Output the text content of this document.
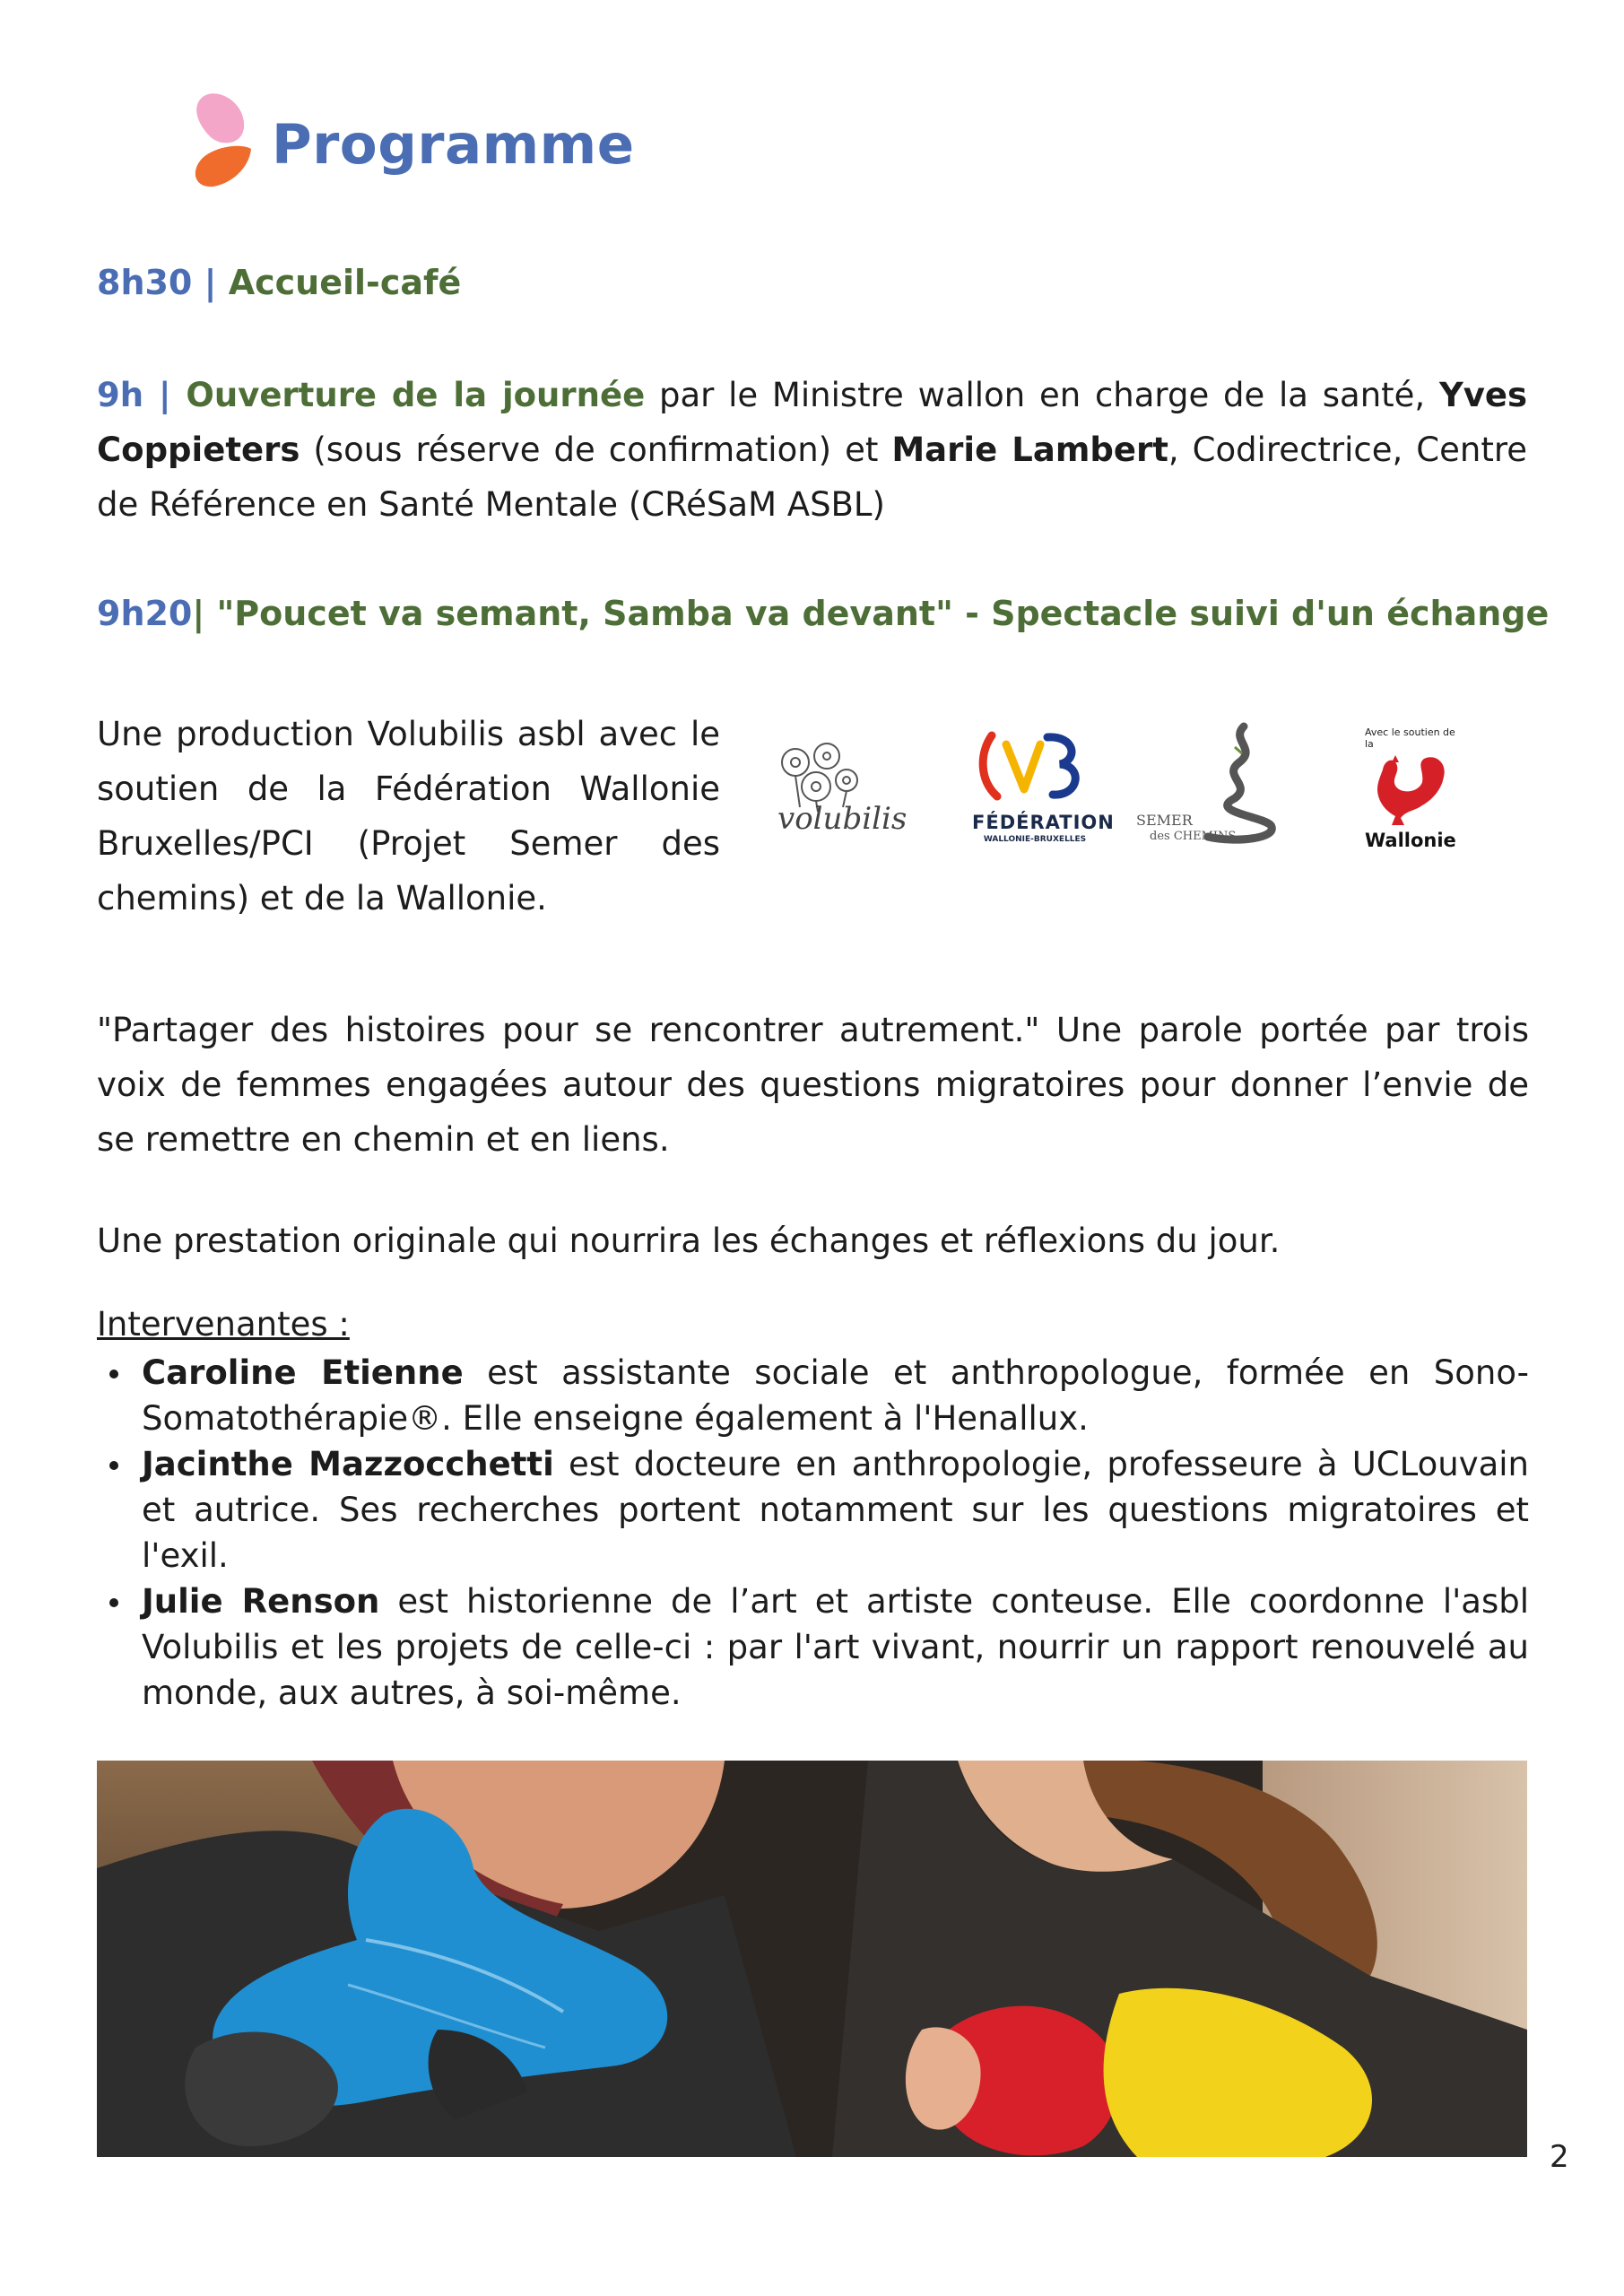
Programme
8h30 | Accueil-café
9h | Ouverture de la journée par le Ministre wallon en charge de la santé, Yves Coppieters (sous réserve de confirmation) et Marie Lambert, Codirectrice, Centre de Référence en Santé Mentale (CRéSaM ASBL)
9h20| "Poucet va semant, Samba va devant" - Spectacle suivi d'un échange
Une production Volubilis asbl avec le soutien de la Fédération Wallonie Bruxelles/PCI (Projet Semer des chemins) et de la Wallonie.
volubilis	FÉDÉRATION
WALLONIE-BRUXELLES
SEMER
des CHEMINS
Avec le soutien de la
Wallonie
"Partager des histoires pour se rencontrer autrement." Une parole portée par trois voix de femmes engagées autour des questions migratoires pour donner l’envie de se remettre en chemin et en liens.
Une prestation originale qui nourrira les échanges et réflexions du jour.
Intervenantes :
Caroline Etienne est assistante sociale et anthropologue, formée en Sono-Somatothérapie®. Elle enseigne également à l'Henallux.
Jacinthe Mazzocchetti est docteure en anthropologie, professeure à UCLouvain et autrice. Ses recherches portent notamment sur les questions migratoires et l'exil.
Julie Renson est historienne de l’art et artiste conteuse. Elle coordonne l'asbl Volubilis et les projets de celle-ci : par l'art vivant, nourrir un rapport renouvelé au monde, aux autres, à soi-même.
2
